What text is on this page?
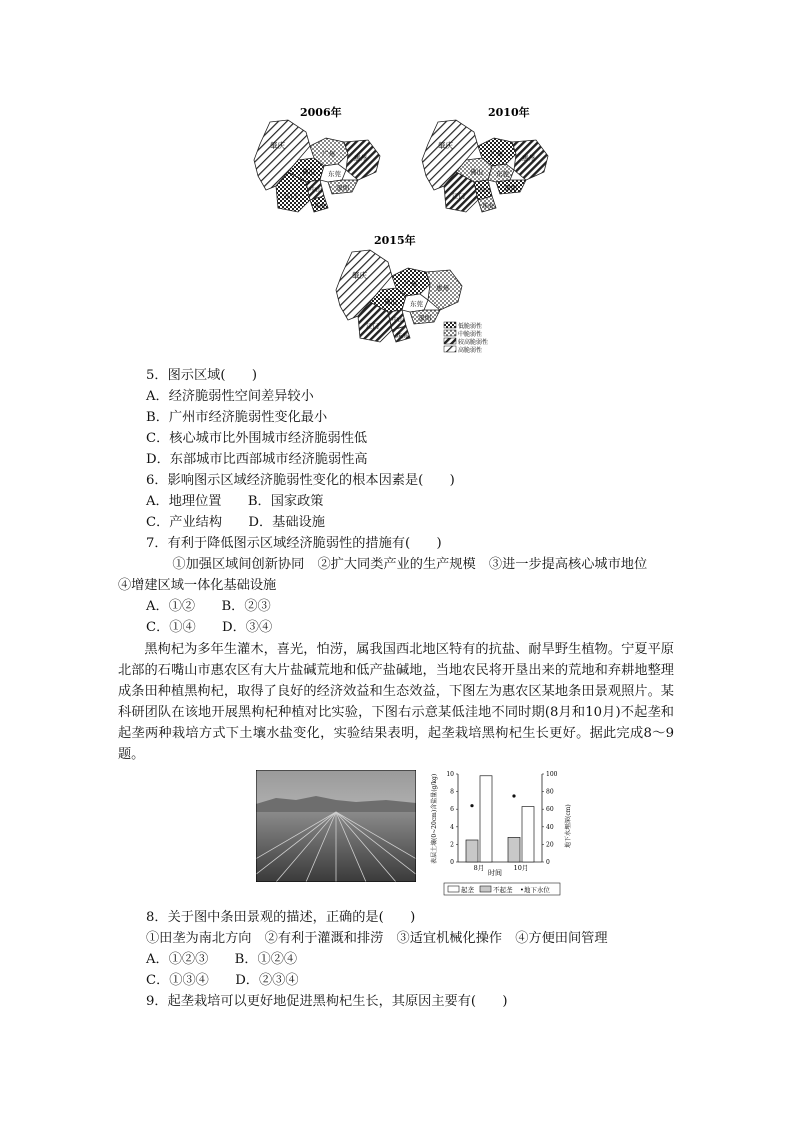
2006年
肇庆
广州	惠州
佛山 东莞
江门
中山 深圳
珠海
2010年
肇庆
广州	惠州
佛山 东莞
江门
中山 深圳
珠海
2015年
肇庆
广州	惠州
佛山 东莞
江门
中山 深圳
珠海
低脆弱性
中脆弱性
较高脆弱性
高脆弱性
5．图示区域(　　)
A．经济脆弱性空间差异较小
B．广州市经济脆弱性变化最小
C．核心城市比外围城市经济脆弱性低
D．东部城市比西部城市经济脆弱性高
6．影响图示区域经济脆弱性变化的根本因素是(　　)
A．地理位置　　B．国家政策
C．产业结构　　D．基础设施
7．有利于降低图示区域经济脆弱性的措施有(　　)
①加强区域间创新协同　②扩大同类产业的生产规模　③进一步提高核心城市地位
④增建区域一体化基础设施
A．①②　　B．②③
C．①④　　D．③④
黑枸杞为多年生灌木，喜光，怕涝，属我国西北地区特有的抗盐、耐旱野生植物。宁夏平原北部的石嘴山市惠农区有大片盐碱荒地和低产盐碱地，当地农民将开垦出来的荒地和弃耕地整理成条田种植黑枸杞，取得了良好的经济效益和生态效益，下图左为惠农区某地条田景观照片。某科研团队在该地开展黑枸杞种植对比实验，下图右示意某低洼地不同时期(8月和10月)不起垄和起垄两种栽培方式下土壤水盐变化，实验结果表明，起垄栽培黑枸杞生长更好。据此完成8～9题。
表层土壤(0~20cm)含盐量(g/kg)	地下水埋深(cm)
0
2
4
6
8
10
0
20
40
60
80
100
8月	10月
时间
起垄	不起垄 •地下水位
8．关于图中条田景观的描述，正确的是(　　)
①田垄为南北方向　②有利于灌溉和排涝　③适宜机械化操作　④方便田间管理
A．①②③　　B．①②④
C．①③④　　D．②③④
9．起垄栽培可以更好地促进黑枸杞生长，其原因主要有(　　)
